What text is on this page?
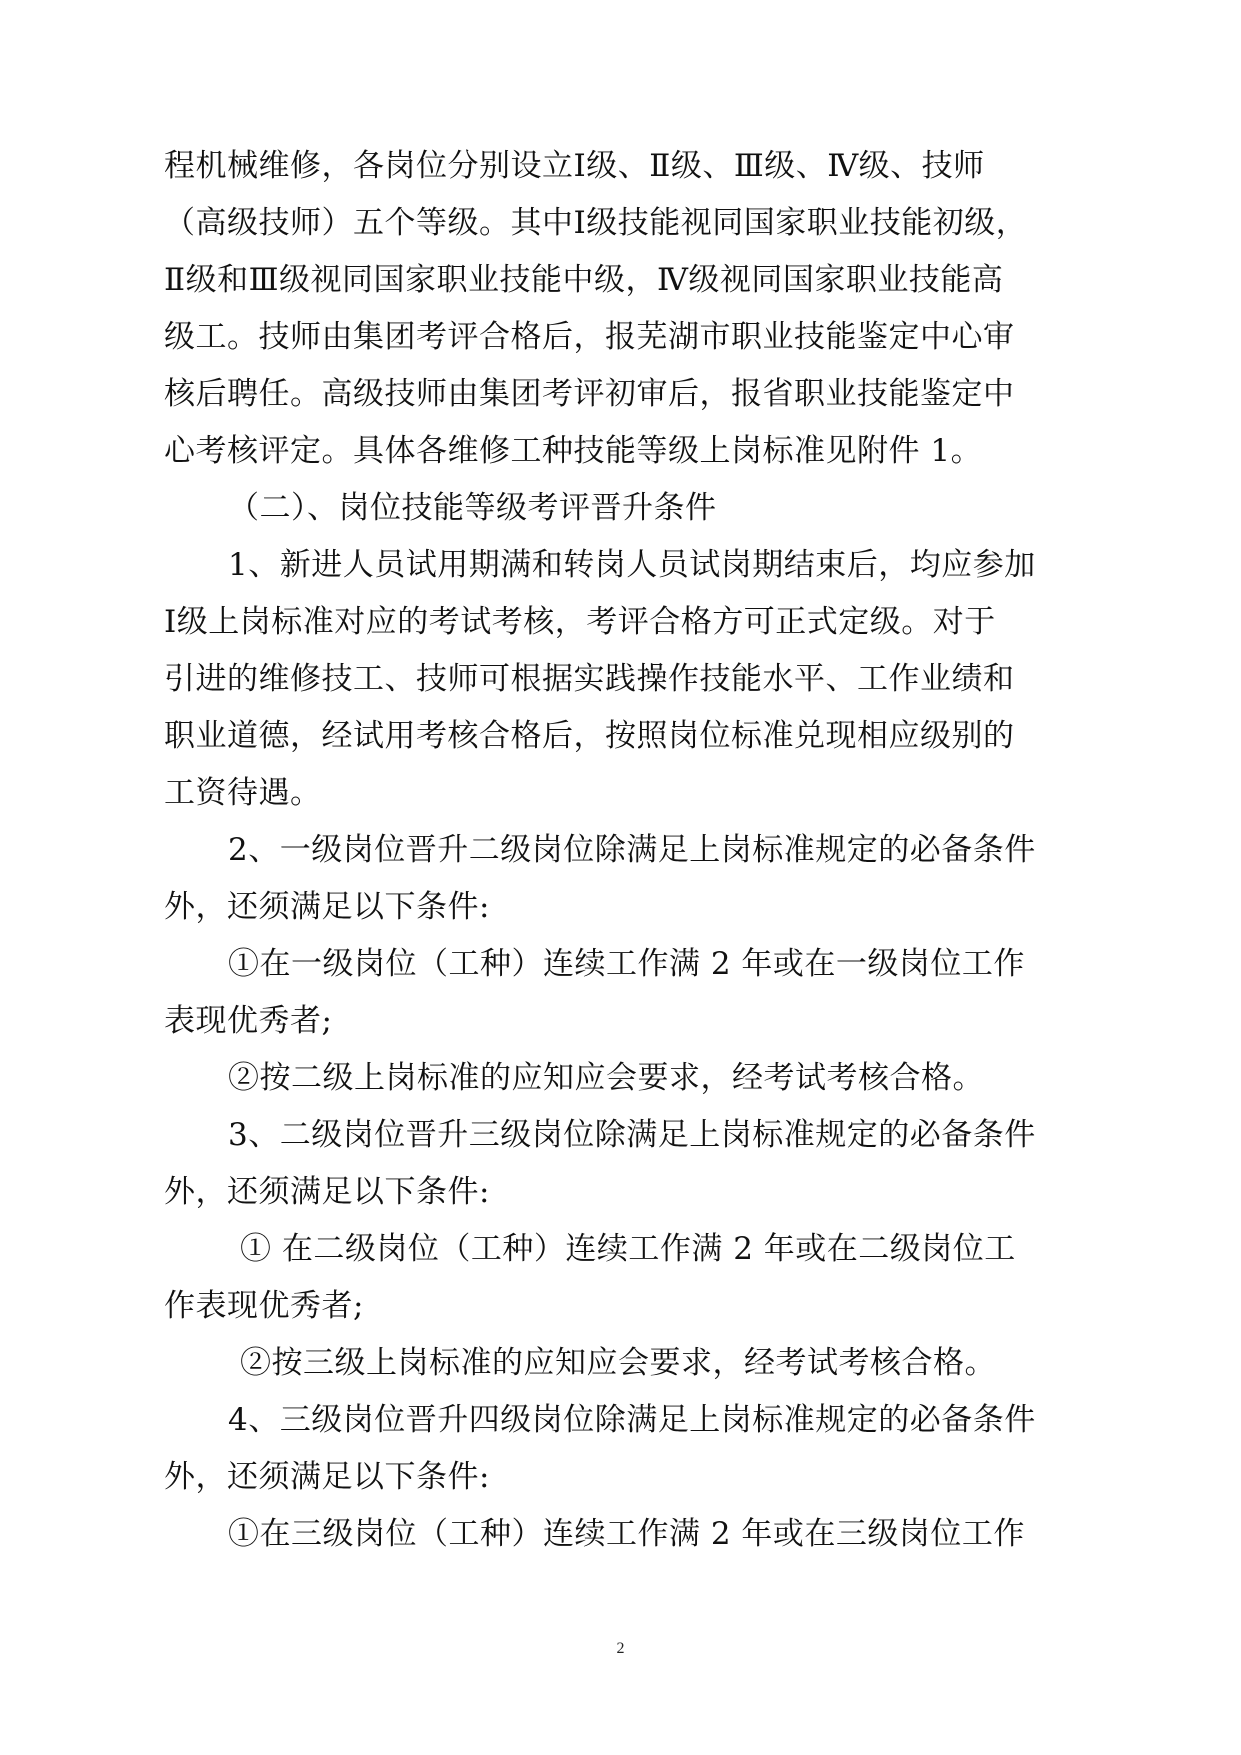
程机械维修，各岗位分别设立Ⅰ级、Ⅱ级、Ⅲ级、Ⅳ级、技师
（高级技师）五个等级。其中Ⅰ级技能视同国家职业技能初级，
Ⅱ级和Ⅲ级视同国家职业技能中级，Ⅳ级视同国家职业技能高
级工。技师由集团考评合格后，报芜湖市职业技能鉴定中心审
核后聘任。高级技师由集团考评初审后，报省职业技能鉴定中
心考核评定。具体各维修工种技能等级上岗标准见附件 1。
（二）、岗位技能等级考评晋升条件
1、新进人员试用期满和转岗人员试岗期结束后，均应参加
Ⅰ级上岗标准对应的考试考核，考评合格方可正式定级。对于
引进的维修技工、技师可根据实践操作技能水平、工作业绩和
职业道德，经试用考核合格后，按照岗位标准兑现相应级别的
工资待遇。
2、一级岗位晋升二级岗位除满足上岗标准规定的必备条件
外，还须满足以下条件:
①在一级岗位（工种）连续工作满 2 年或在一级岗位工作
表现优秀者;
②按二级上岗标准的应知应会要求，经考试考核合格。
3、二级岗位晋升三级岗位除满足上岗标准规定的必备条件
外，还须满足以下条件:
① 在二级岗位（工种）连续工作满 2 年或在二级岗位工
作表现优秀者;
②按三级上岗标准的应知应会要求，经考试考核合格。
4、三级岗位晋升四级岗位除满足上岗标准规定的必备条件
外，还须满足以下条件:
①在三级岗位（工种）连续工作满 2 年或在三级岗位工作
2
